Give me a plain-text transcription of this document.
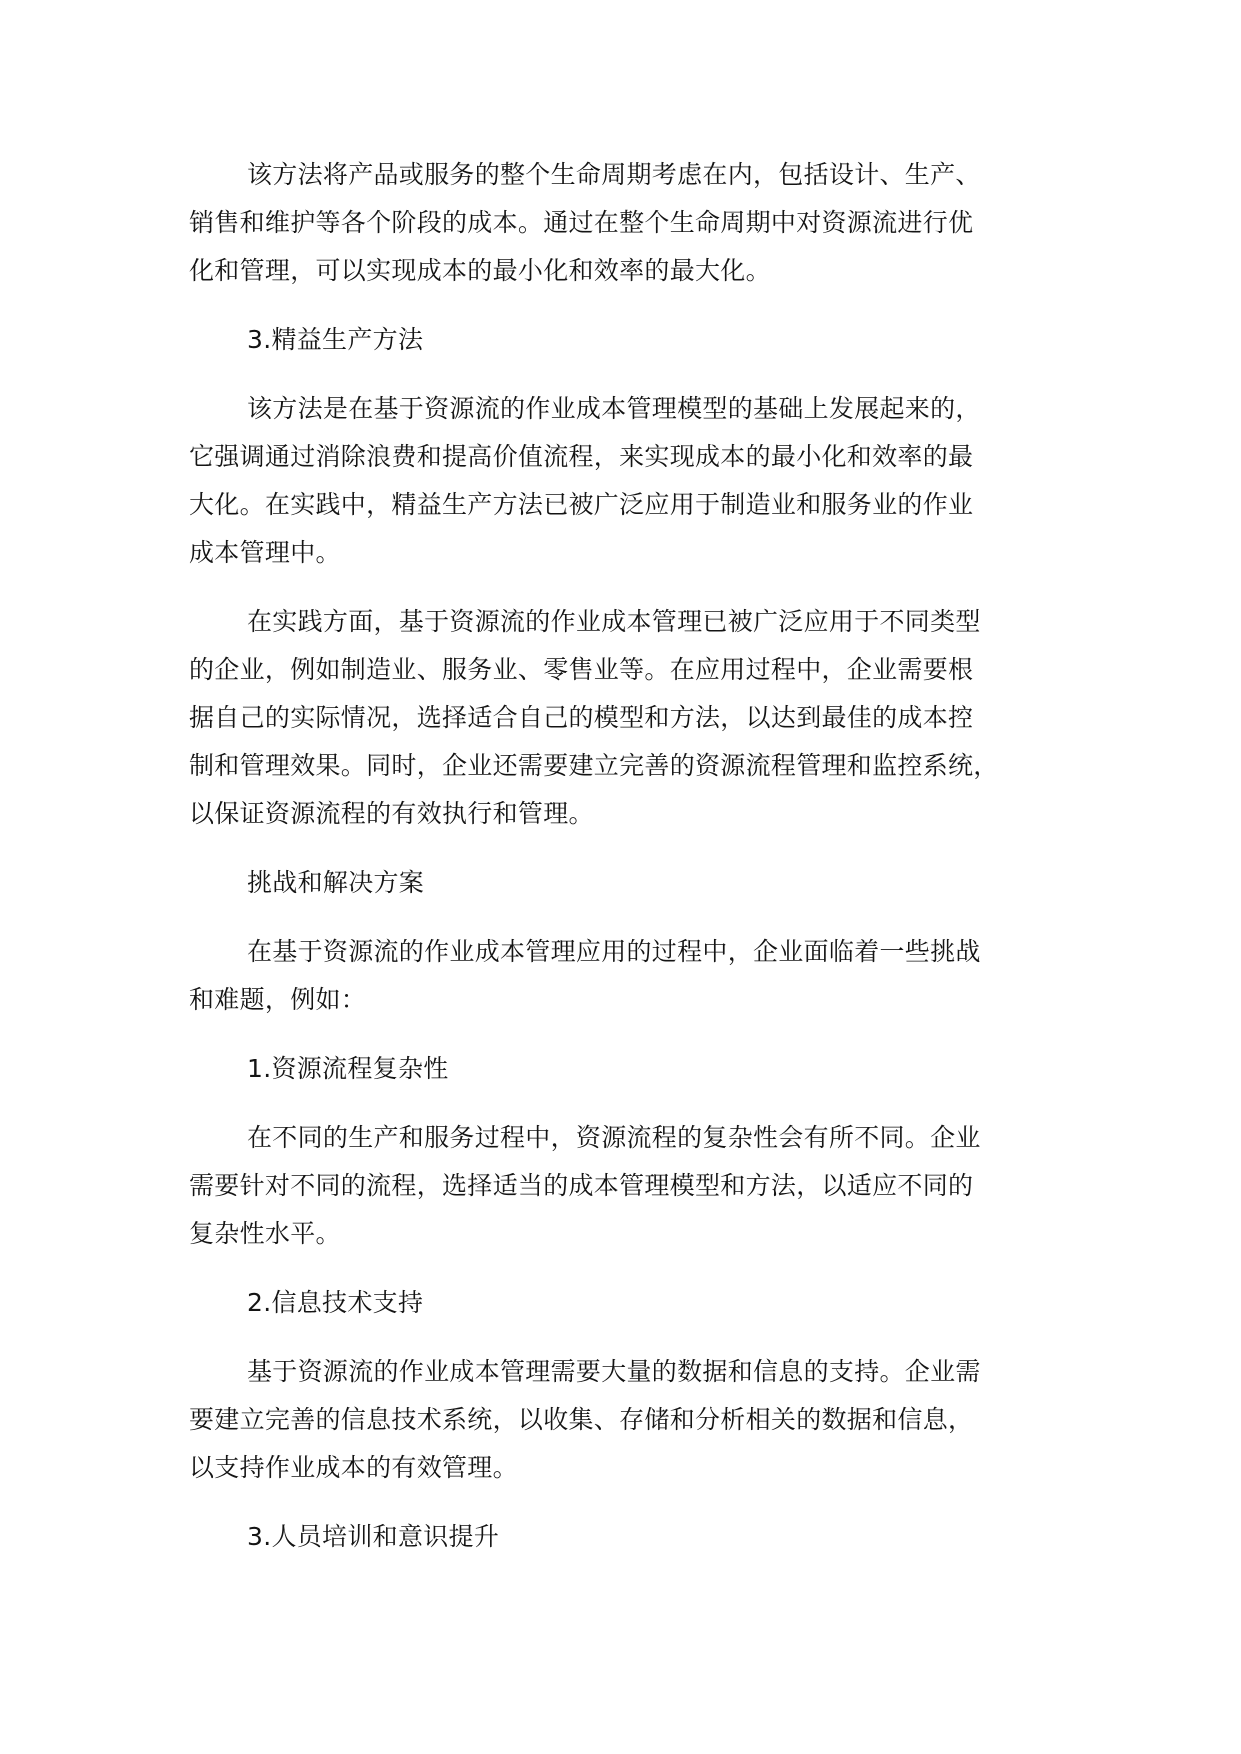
该方法将产品或服务的整个生命周期考虑在内，包括设计、生产、
销售和维护等各个阶段的成本。通过在整个生命周期中对资源流进行优
化和管理，可以实现成本的最小化和效率的最大化。

3.精益生产方法

该方法是在基于资源流的作业成本管理模型的基础上发展起来的，
它强调通过消除浪费和提高价值流程，来实现成本的最小化和效率的最
大化。在实践中，精益生产方法已被广泛应用于制造业和服务业的作业
成本管理中。

在实践方面，基于资源流的作业成本管理已被广泛应用于不同类型
的企业，例如制造业、服务业、零售业等。在应用过程中，企业需要根
据自己的实际情况，选择适合自己的模型和方法，以达到最佳的成本控
制和管理效果。同时，企业还需要建立完善的资源流程管理和监控系统，
以保证资源流程的有效执行和管理。

挑战和解决方案

在基于资源流的作业成本管理应用的过程中，企业面临着一些挑战
和难题，例如：

1.资源流程复杂性

在不同的生产和服务过程中，资源流程的复杂性会有所不同。企业
需要针对不同的流程，选择适当的成本管理模型和方法，以适应不同的
复杂性水平。

2.信息技术支持

基于资源流的作业成本管理需要大量的数据和信息的支持。企业需
要建立完善的信息技术系统，以收集、存储和分析相关的数据和信息，
以支持作业成本的有效管理。

3.人员培训和意识提升
